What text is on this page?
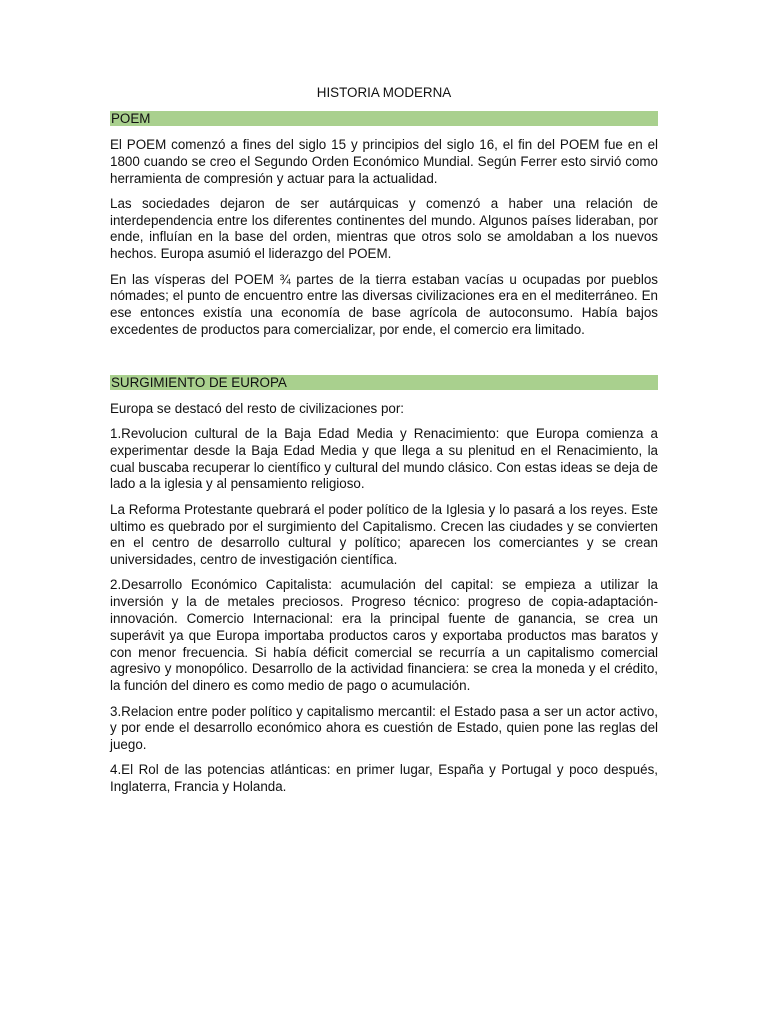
HISTORIA MODERNA
POEM

El POEM comenzó a fines del siglo 15 y principios del siglo 16, el fin del POEM fue en el 1800 cuando se creo el Segundo Orden Económico Mundial. Según Ferrer esto sirvió como herramienta de compresión y actuar para la actualidad.

Las sociedades dejaron de ser autárquicas y comenzó a haber una relación de interdependencia entre los diferentes continentes del mundo. Algunos países lideraban, por ende, influían en la base del orden, mientras que otros solo se amoldaban a los nuevos hechos. Europa asumió el liderazgo del POEM.

En las vísperas del POEM ¾ partes de la tierra estaban vacías u ocupadas por pueblos nómades; el punto de encuentro entre las diversas civilizaciones era en el mediterráneo. En ese entonces existía una economía de base agrícola de autoconsumo. Había bajos excedentes de productos para comercializar, por ende, el comercio era limitado.

SURGIMIENTO DE EUROPA

Europa se destacó del resto de civilizaciones por:

1.Revolucion cultural de la Baja Edad Media y Renacimiento: que Europa comienza a experimentar desde la Baja Edad Media y que llega a su plenitud en el Renacimiento, la cual buscaba recuperar lo científico y cultural del mundo clásico. Con estas ideas se deja de lado a la iglesia y al pensamiento religioso.

La Reforma Protestante quebrará el poder político de la Iglesia y lo pasará a los reyes. Este ultimo es quebrado por el surgimiento del Capitalismo. Crecen las ciudades y se convierten en el centro de desarrollo cultural y político; aparecen los comerciantes y se crean universidades, centro de investigación científica.

2.Desarrollo Económico Capitalista: acumulación del capital: se empieza a utilizar la inversión y la de metales preciosos. Progreso técnico: progreso de copia-adaptación-innovación. Comercio Internacional: era la principal fuente de ganancia, se crea un superávit ya que Europa importaba productos caros y exportaba productos mas baratos y con menor frecuencia. Si había déficit comercial se recurría a un capitalismo comercial agresivo y monopólico. Desarrollo de la actividad financiera: se crea la moneda y el crédito, la función del dinero es como medio de pago o acumulación.

3.Relacion entre poder político y capitalismo mercantil: el Estado pasa a ser un actor activo, y por ende el desarrollo económico ahora es cuestión de Estado, quien pone las reglas del juego.

4.El Rol de las potencias atlánticas: en primer lugar, España y Portugal y poco después, Inglaterra, Francia y Holanda.
